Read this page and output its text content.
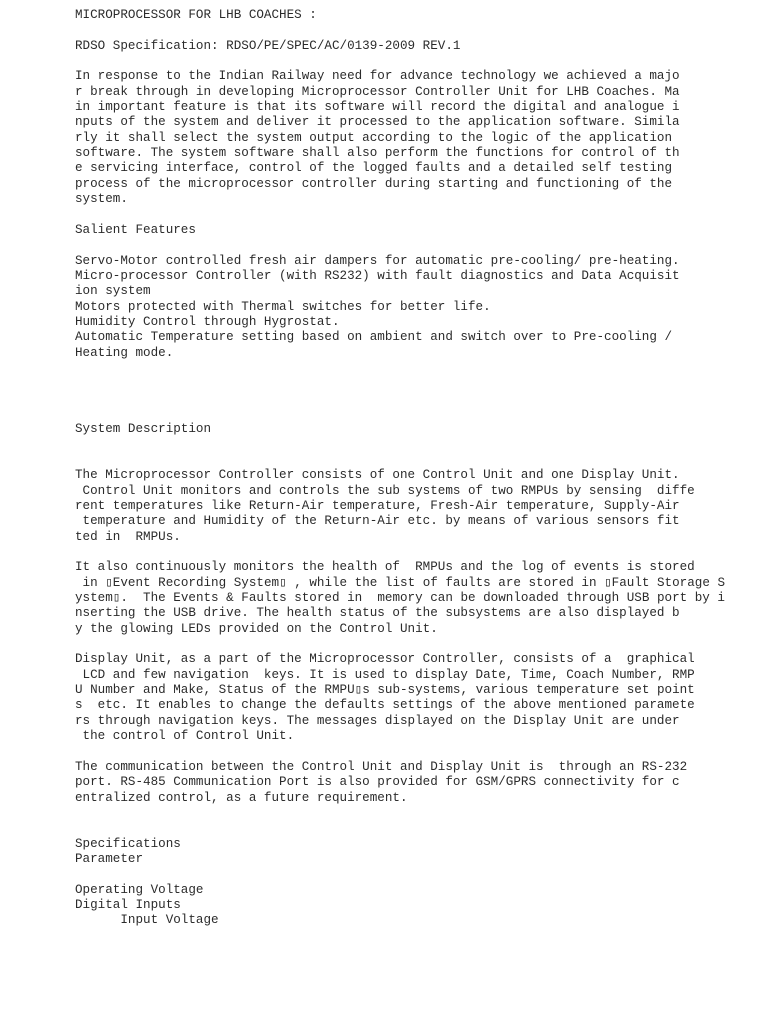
MICROPROCESSOR FOR LHB COACHES :
RDSO Specification: RDSO/PE/SPEC/AC/0139-2009 REV.1
In response to the Indian Railway need for advance technology we achieved a majo
r break through in developing Microprocessor Controller Unit for LHB Coaches. Ma
in important feature is that its software will record the digital and analogue i
nputs of the system and deliver it processed to the application software. Simila
rly it shall select the system output according to the logic of the application
software. The system software shall also perform the functions for control of th
e servicing interface, control of the logged faults and a detailed self testing
process of the microprocessor controller during starting and functioning of the
system.
Salient Features
Servo-Motor controlled fresh air dampers for automatic pre-cooling/ pre-heating.
Micro-processor Controller (with RS232) with fault diagnostics and Data Acquisit
ion system
Motors protected with Thermal switches for better life.
Humidity Control through Hygrostat.
Automatic Temperature setting based on ambient and switch over to Pre-cooling /
Heating mode.
System Description
The Microprocessor Controller consists of one Control Unit and one Display Unit.
Control Unit monitors and controls the sub systems of two RMPUs by sensing  diffe
rent temperatures like Return-Air temperature, Fresh-Air temperature, Supply-Air
temperature and Humidity of the Return-Air etc. by means of various sensors fit
ted in  RMPUs.
It also continuously monitors the health of  RMPUs and the log of events is stored
in ▯Event Recording System▯ , while the list of faults are stored in ▯Fault Storage S
ystem▯.  The Events & Faults stored in  memory can be downloaded through USB port by i
nserting the USB drive. The health status of the subsystems are also displayed b
y the glowing LEDs provided on the Control Unit.
Display Unit, as a part of the Microprocessor Controller, consists of a  graphical
LCD and few navigation  keys. It is used to display Date, Time, Coach Number, RMP
U Number and Make, Status of the RMPU▯s sub-systems, various temperature set point
s  etc. It enables to change the defaults settings of the above mentioned paramete
rs through navigation keys. The messages displayed on the Display Unit are under
the control of Control Unit.
The communication between the Control Unit and Display Unit is  through an RS-232
port. RS-485 Communication Port is also provided for GSM/GPRS connectivity for c
entralized control, as a future requirement.
Specifications
Parameter
Operating Voltage
Digital Inputs
Input Voltage
